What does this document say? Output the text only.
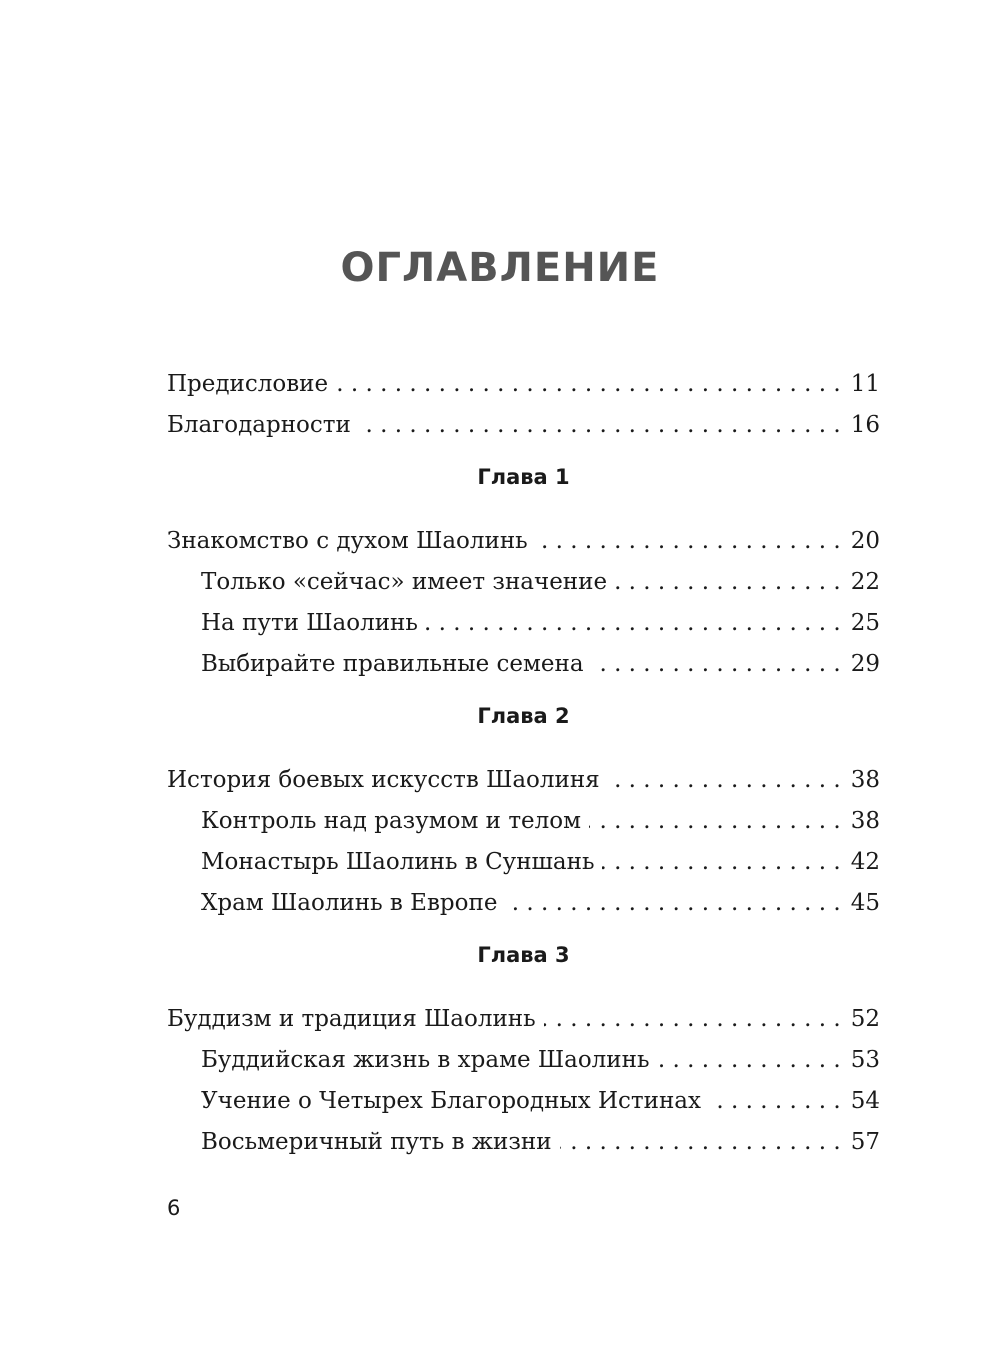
ОГЛАВЛЕНИЕ
Предисловие . . .	11
Благодарности . . .	16
Глава 1
Знакомство с духом Шаолинь . . .	20
Только «сейчас» имеет значение . . .	22
На пути Шаолинь . . .	25
Выбирайте правильные семена . . .	29
Глава 2
История боевых искусств Шаолиня . . .	38
Контроль над разумом и телом . . .	38
Монастырь Шаолинь в Суншань . . .	42
Храм Шаолинь в Европе . . .	45
Глава 3
Буддизм и традиция Шаолинь . . .	52
Буддийская жизнь в храме Шаолинь . . .	53
Учение о Четырех Благородных Истинах . . .	54
Восьмеричный путь в жизни . . .	57
6
